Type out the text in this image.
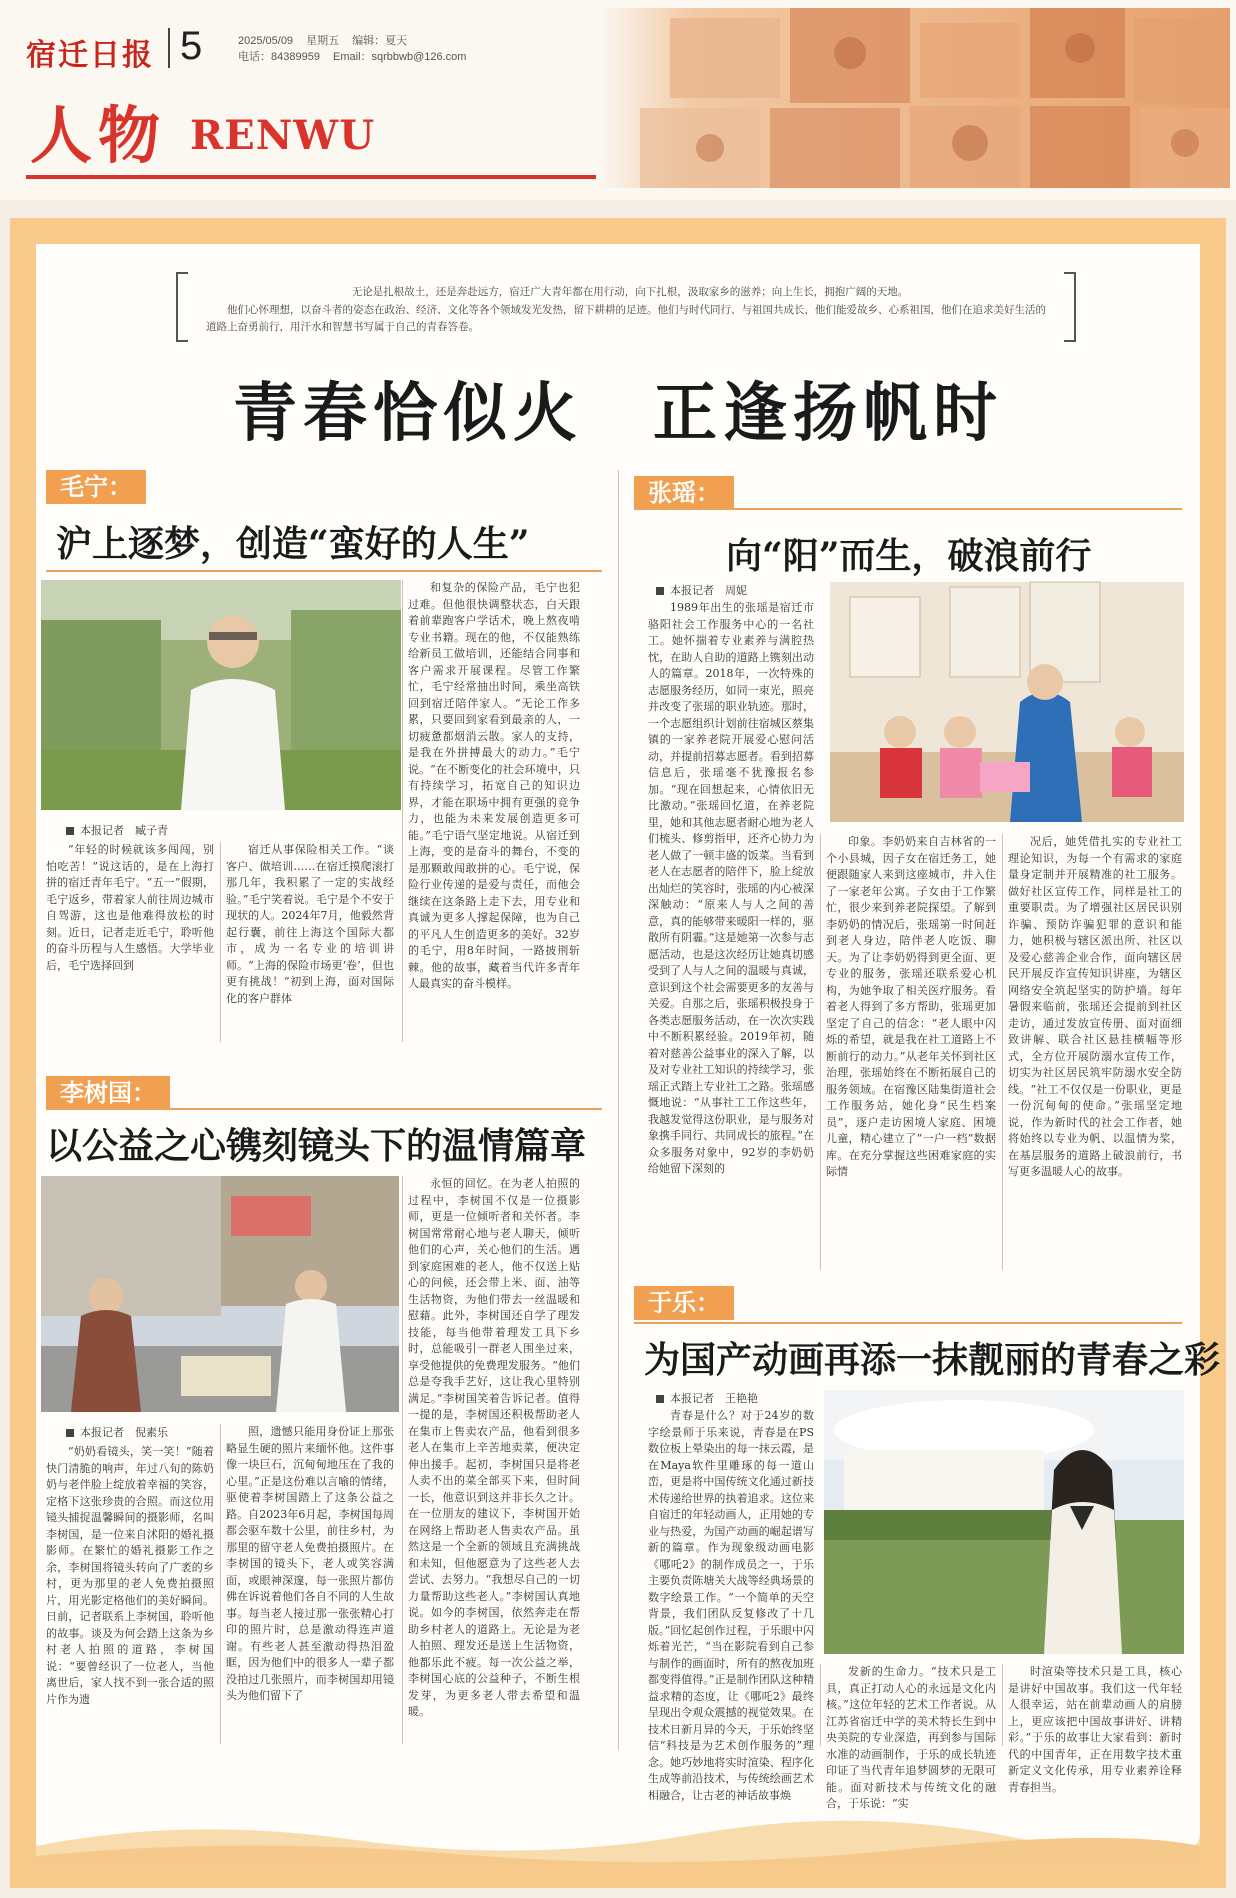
宿迁日报 5	2025/05/09 星期五 编辑：夏天
电话：84389959 Email：sqrbbwb@126.com
人物 RENWU

无论是扎根故土，还是奔赴远方，宿迁广大青年都在用行动，向下扎根，汲取家乡的滋养；向上生长，拥抱广阔的天地。

他们心怀理想，以奋斗者的姿态在政治、经济、文化等各个领域发光发热，留下耕耕的足迹。他们与时代同行、与祖国共成长，他们能爱故乡、心系祖国，他们在追求美好生活的道路上奋勇前行，用汗水和智慧书写属于自己的青春答卷。

青春恰似火　正逢扬帆时
毛宁：
沪上逐梦，创造“蛮好的人生”
本报记者　臧子青

“年轻的时候就该多闯闯，别怕吃苦！”说这话的，是在上海打拼的宿迁青年毛宁。“五一”假期，毛宁返乡，带着家人前往周边城市自驾游，这也是他难得放松的时刻。近日，记者走近毛宁，聆听他的奋斗历程与人生感悟。大学毕业后，毛宁选择回到

宿迁从事保险相关工作。“谈客户、做培训……在宿迁摸爬滚打那几年，我积累了一定的实战经验。”毛宁笑着说。毛宁是个不安于现状的人。2024年7月，他毅然背起行囊，前往上海这个国际大都市，成为一名专业的培训讲师。“上海的保险市场更‘卷’，但也更有挑战！”初到上海，面对国际化的客户群体

和复杂的保险产品，毛宁也犯过难。但他很快调整状态，白天跟着前辈跑客户学话术，晚上熬夜啃专业书籍。现在的他，不仅能熟练给新员工做培训，还能结合同事和客户需求开展课程。尽管工作繁忙，毛宁经常抽出时间，乘坐高铁回到宿迁陪伴家人。“无论工作多累，只要回到家看到最亲的人，一切疲惫都烟消云散。家人的支持，是我在外拼搏最大的动力。”毛宁说。“在不断变化的社会环境中，只有持续学习，拓宽自己的知识边界，才能在职场中拥有更强的竞争力，也能为未来发展创造更多可能。”毛宁语气坚定地说。从宿迁到上海，变的是奋斗的舞台，不变的是那颗敢闯敢拼的心。毛宁说，保险行业传递的是爱与责任，而他会继续在这条路上走下去，用专业和真诚为更多人撑起保障，也为自己的平凡人生创造更多的美好。32岁的毛宁，用8年时间，一路披荆斩棘。他的故事，藏着当代许多青年人最真实的奋斗模样。

张瑶：
向“阳”而生，破浪前行
本报记者　周妮

1989年出生的张瑶是宿迁市骆阳社会工作服务中心的一名社工。她怀揣着专业素养与满腔热忱，在助人自助的道路上镌刻出动人的篇章。2018年，一次特殊的志愿服务经历，如同一束光，照亮并改变了张瑶的职业轨迹。那时，一个志愿组织计划前往宿城区蔡集镇的一家养老院开展爱心慰问活动，并提前招募志愿者。看到招募信息后，张瑶毫不犹豫报名参加。“现在回想起来，心情依旧无比激动。”张瑶回忆道，在养老院里，她和其他志愿者耐心地为老人们梳头、修剪指甲，还齐心协力为老人做了一顿丰盛的饭菜。当看到老人在志愿者的陪伴下，脸上绽放出灿烂的笑容时，张瑶的内心被深深触动：“原来人与人之间的善意，真的能够带来暖阳一样的，驱散所有阴霾。”这是她第一次参与志愿活动，也是这次经历让她真切感受到了人与人之间的温暖与真诚，意识到这个社会需要更多的友善与关爱。自那之后，张瑶积极投身于各类志愿服务活动，在一次次实践中不断积累经验。2019年初，随着对慈善公益事业的深入了解，以及对专业社工知识的持续学习，张瑶正式踏上专业社工之路。张瑶感慨地说：“从事社工工作这些年，我越发觉得这份职业，是与服务对象携手同行、共同成长的旅程。”在众多服务对象中，92岁的李奶奶给她留下深刻的

印象。李奶奶来自吉林省的一个小县城，因子女在宿迁务工，她便跟随家人来到这座城市，并入住了一家老年公寓。子女由于工作繁忙，很少来到养老院探望。了解到李奶奶的情况后，张瑶第一时间赶到老人身边，陪伴老人吃饭、聊天。为了让李奶奶得到更全面、更专业的服务，张瑶还联系爱心机构，为她争取了相关医疗服务。看着老人得到了多方帮助，张瑶更加坚定了自己的信念：“老人眼中闪烁的希望，就是我在社工道路上不断前行的动力。”从老年关怀到社区治理，张瑶始终在不断拓展自己的服务领域。在宿豫区陆集街道社会工作服务站，她化身“民生档案员”，逐户走访困境人家庭、困境儿童，精心建立了“一户一档”数据库。在充分掌握这些困难家庭的实际情

况后，她凭借扎实的专业社工理论知识，为每一个有需求的家庭量身定制并开展精准的社工服务。做好社区宣传工作，同样是社工的重要职责。为了增强社区居民识别诈骗、预防诈骗犯罪的意识和能力，她积极与辖区派出所、社区以及爱心慈善企业合作，面向辖区居民开展反诈宣传知识讲座，为辖区网络安全筑起坚实的防护墙。每年暑假来临前，张瑶还会提前到社区走访，通过发放宣传册、面对面细致讲解、联合社区悬挂横幅等形式，全方位开展防溺水宣传工作，切实为社区居民筑牢防溺水安全防线。“社工不仅仅是一份职业，更是一份沉甸甸的使命。”张瑶坚定地说，作为新时代的社会工作者，她将始终以专业为帆、以温情为桨，在基层服务的道路上破浪前行，书写更多温暖人心的故事。

李树国：
以公益之心镌刻镜头下的温情篇章
本报记者　倪素乐

“奶奶看镜头，笑一笑！”随着快门清脆的响声，年过八旬的陈奶奶与老伴脸上绽放着幸福的笑容，定格下这张珍贵的合照。而这位用镜头捕捉温馨瞬间的摄影师，名叫李树国，是一位来自沭阳的婚礼摄影师。在繁忙的婚礼摄影工作之余，李树国将镜头转向了广袤的乡村，更为那里的老人免费拍摄照片，用光影定格他们的美好瞬间。日前，记者联系上李树国，聆听他的故事。谈及为何会踏上这条为乡村老人拍照的道路，李树国说：“要曾经识了一位老人，当他离世后，家人找不到一张合适的照片作为遗

照，遗憾只能用身份证上那张略显生硬的照片来缅怀他。这件事像一块巨石，沉甸甸地压在了我的心里。”正是这份难以言喻的情绪，驱使着李树国踏上了这条公益之路。自2023年6月起，李树国每周都会驱车数十公里，前往乡村，为那里的留守老人免费拍摄照片。在李树国的镜头下，老人或笑容满面，或眼神深邃，每一张照片都仿佛在诉说着他们各自不同的人生故事。每当老人接过那一张张精心打印的照片时，总是激动得连声道谢。有些老人甚至激动得热泪盈眶，因为他们中的很多人一辈子都没拍过几张照片，而李树国却用镜头为他们留下了

永恒的回忆。在为老人拍照的过程中，李树国不仅是一位摄影师，更是一位倾听者和关怀者。李树国常常耐心地与老人聊天，倾听他们的心声，关心他们的生活。遇到家庭困难的老人，他不仅送上贴心的问候，还会带上米、面、油等生活物资，为他们带去一丝温暖和慰藉。此外，李树国还自学了理发技能，每当他带着理发工具下乡时，总能吸引一群老人围坐过来，享受他提供的免费理发服务。“他们总是夸我手艺好，这让我心里特别满足。”李树国笑着告诉记者。值得一提的是，李树国还积极帮助老人在集市上售卖农产品，他看到很多老人在集市上辛苦地卖菜，便决定伸出援手。起初，李树国只是将老人卖不出的菜全部买下来，但时间一长，他意识到这并非长久之计。在一位朋友的建议下，李树国开始在网络上帮助老人售卖农产品。虽然这是一个全新的领域且充满挑战和未知，但他愿意为了这些老人去尝试、去努力。“我想尽自己的一切力量帮助这些老人。”李树国认真地说。如今的李树国，依然奔走在帮助乡村老人的道路上。无论是为老人拍照、理发还是送上生活物资，他都乐此不疲。每一次公益之举，李树国心底的公益种子，不断生根发芽，为更多老人带去希望和温暖。

于乐：
为国产动画再添一抹靓丽的青春之彩
本报记者　王艳艳

青春是什么？对于24岁的数字绘景师于乐来说，青春是在PS数位板上晕染出的每一抹云霞，是在Maya软件里雕琢的每一道山峦，更是将中国传统文化通过新技术传递给世界的执着追求。这位来自宿迁的年轻动画人，正用她的专业与热爱，为国产动画的崛起谱写新的篇章。作为现象级动画电影《哪吒2》的制作成员之一，于乐主要负责陈塘关大战等经典场景的数字绘景工作。“一个简单的天空背景，我们团队反复修改了十几版。”回忆起创作过程，于乐眼中闪烁着光芒，“当在影院看到自己参与制作的画面时，所有的熬夜加班都变得值得。”正是制作团队这种精益求精的态度，让《哪吒2》最终呈现出令观众震撼的视觉效果。在技术日新月异的今天，于乐始终坚信“科技是为艺术创作服务的”理念。她巧妙地将实时渲染、程序化生成等前沿技术，与传统绘画艺术相融合，让古老的神话故事焕

发新的生命力。“技术只是工具，真正打动人心的永远是文化内核。”这位年轻的艺术工作者说。从江苏省宿迁中学的美术特长生到中央美院的专业深造，再到参与国际水准的动画制作，于乐的成长轨迹印证了当代青年追梦圆梦的无限可能。面对新技术与传统文化的融合，于乐说：“实

时渲染等技术只是工具，核心是讲好中国故事。我们这一代年轻人很幸运，站在前辈动画人的肩膀上，更应该把中国故事讲好、讲精彩。”于乐的故事让大家看到：新时代的中国青年，正在用数字技术重新定义文化传承，用专业素养诠释青春担当。
